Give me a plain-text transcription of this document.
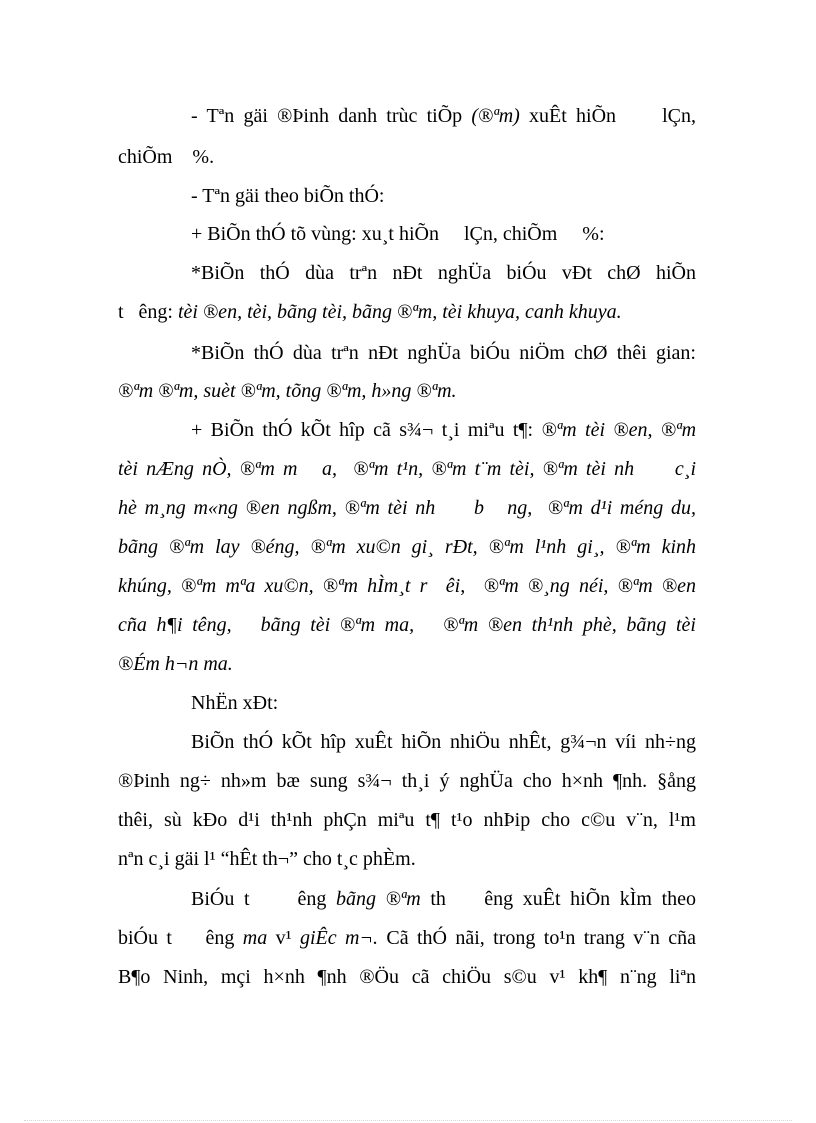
- Tªn gäi ®Þinh danh trùc tiÕp (®ªm) xuÊt hiÕn     lÇn,
chiÕm    %.
- Tªn gäi theo biÕn thÓ:
+ BiÕn thÓ tõ vùng: xu¸t hiÕn     lÇn, chiÕm     %:
*BiÕn thÓ dùa trªn nÐt nghÜa biÓu vÐt chØ hiÕn
t   êng: tèi ®en, tèi, bãng tèi, bãng ®ªm, tèi khuya, canh khuya.
*BiÕn thÓ dùa trªn nÐt nghÜa biÓu niÖm chØ thêi gian:
®ªm ®ªm, suèt ®ªm, tõng ®ªm, h»ng ®ªm.
+ BiÕn thÓ kÕt hîp cã s¾¬ t¸i miªu t¶: ®ªm tèi ®en, ®ªm
tèi nÆng nÒ, ®ªm m   a,  ®ªm t¹n, ®ªm t¨m tèi, ®ªm tèi nh     c¸i
hè m¸ng m«ng ®en ngßm, ®ªm tèi nh     b   ng,  ®ªm d¹i méng du,
bãng ®ªm lay ®éng, ®ªm xu©n gi¸ rÐt, ®ªm l¹nh gi¸, ®ªm kinh
khúng, ®ªm mªa xu©n, ®ªm hÌm¸t r  êi,  ®ªm ®¸ng néi, ®ªm ®en
cña h¶i têng,   bãng tèi ®ªm ma,   ®ªm ®en th¹nh phè, bãng tèi
®Ém h¬n ma.
NhËn xÐt:
BiÕn thÓ kÕt hîp xuÊt hiÕn nhiÖu nhÊt, g¾¬n víi nh÷ng
®Þinh ng÷ nh»m bæ sung s¾¬ th¸i ý nghÜa cho h×nh ¶nh. §ång
thêi, sù kÐo d¹i th¹nh phÇn miªu t¶ t¹o nhÞip cho c©u v¨n, l¹m
nªn c¸i gäi l¹ “hÊt th¬” cho t¸c phÈm.
BiÓu t     êng bãng ®ªm th    êng xuÊt hiÕn kÌm theo
biÓu t    êng ma v¹ giÊc m¬. Cã thÓ nãi, trong to¹n trang v¨n cña
B¶o Ninh, mçi h×nh ¶nh ®Öu cã chiÖu s©u v¹ kh¶ n¨ng liªn
